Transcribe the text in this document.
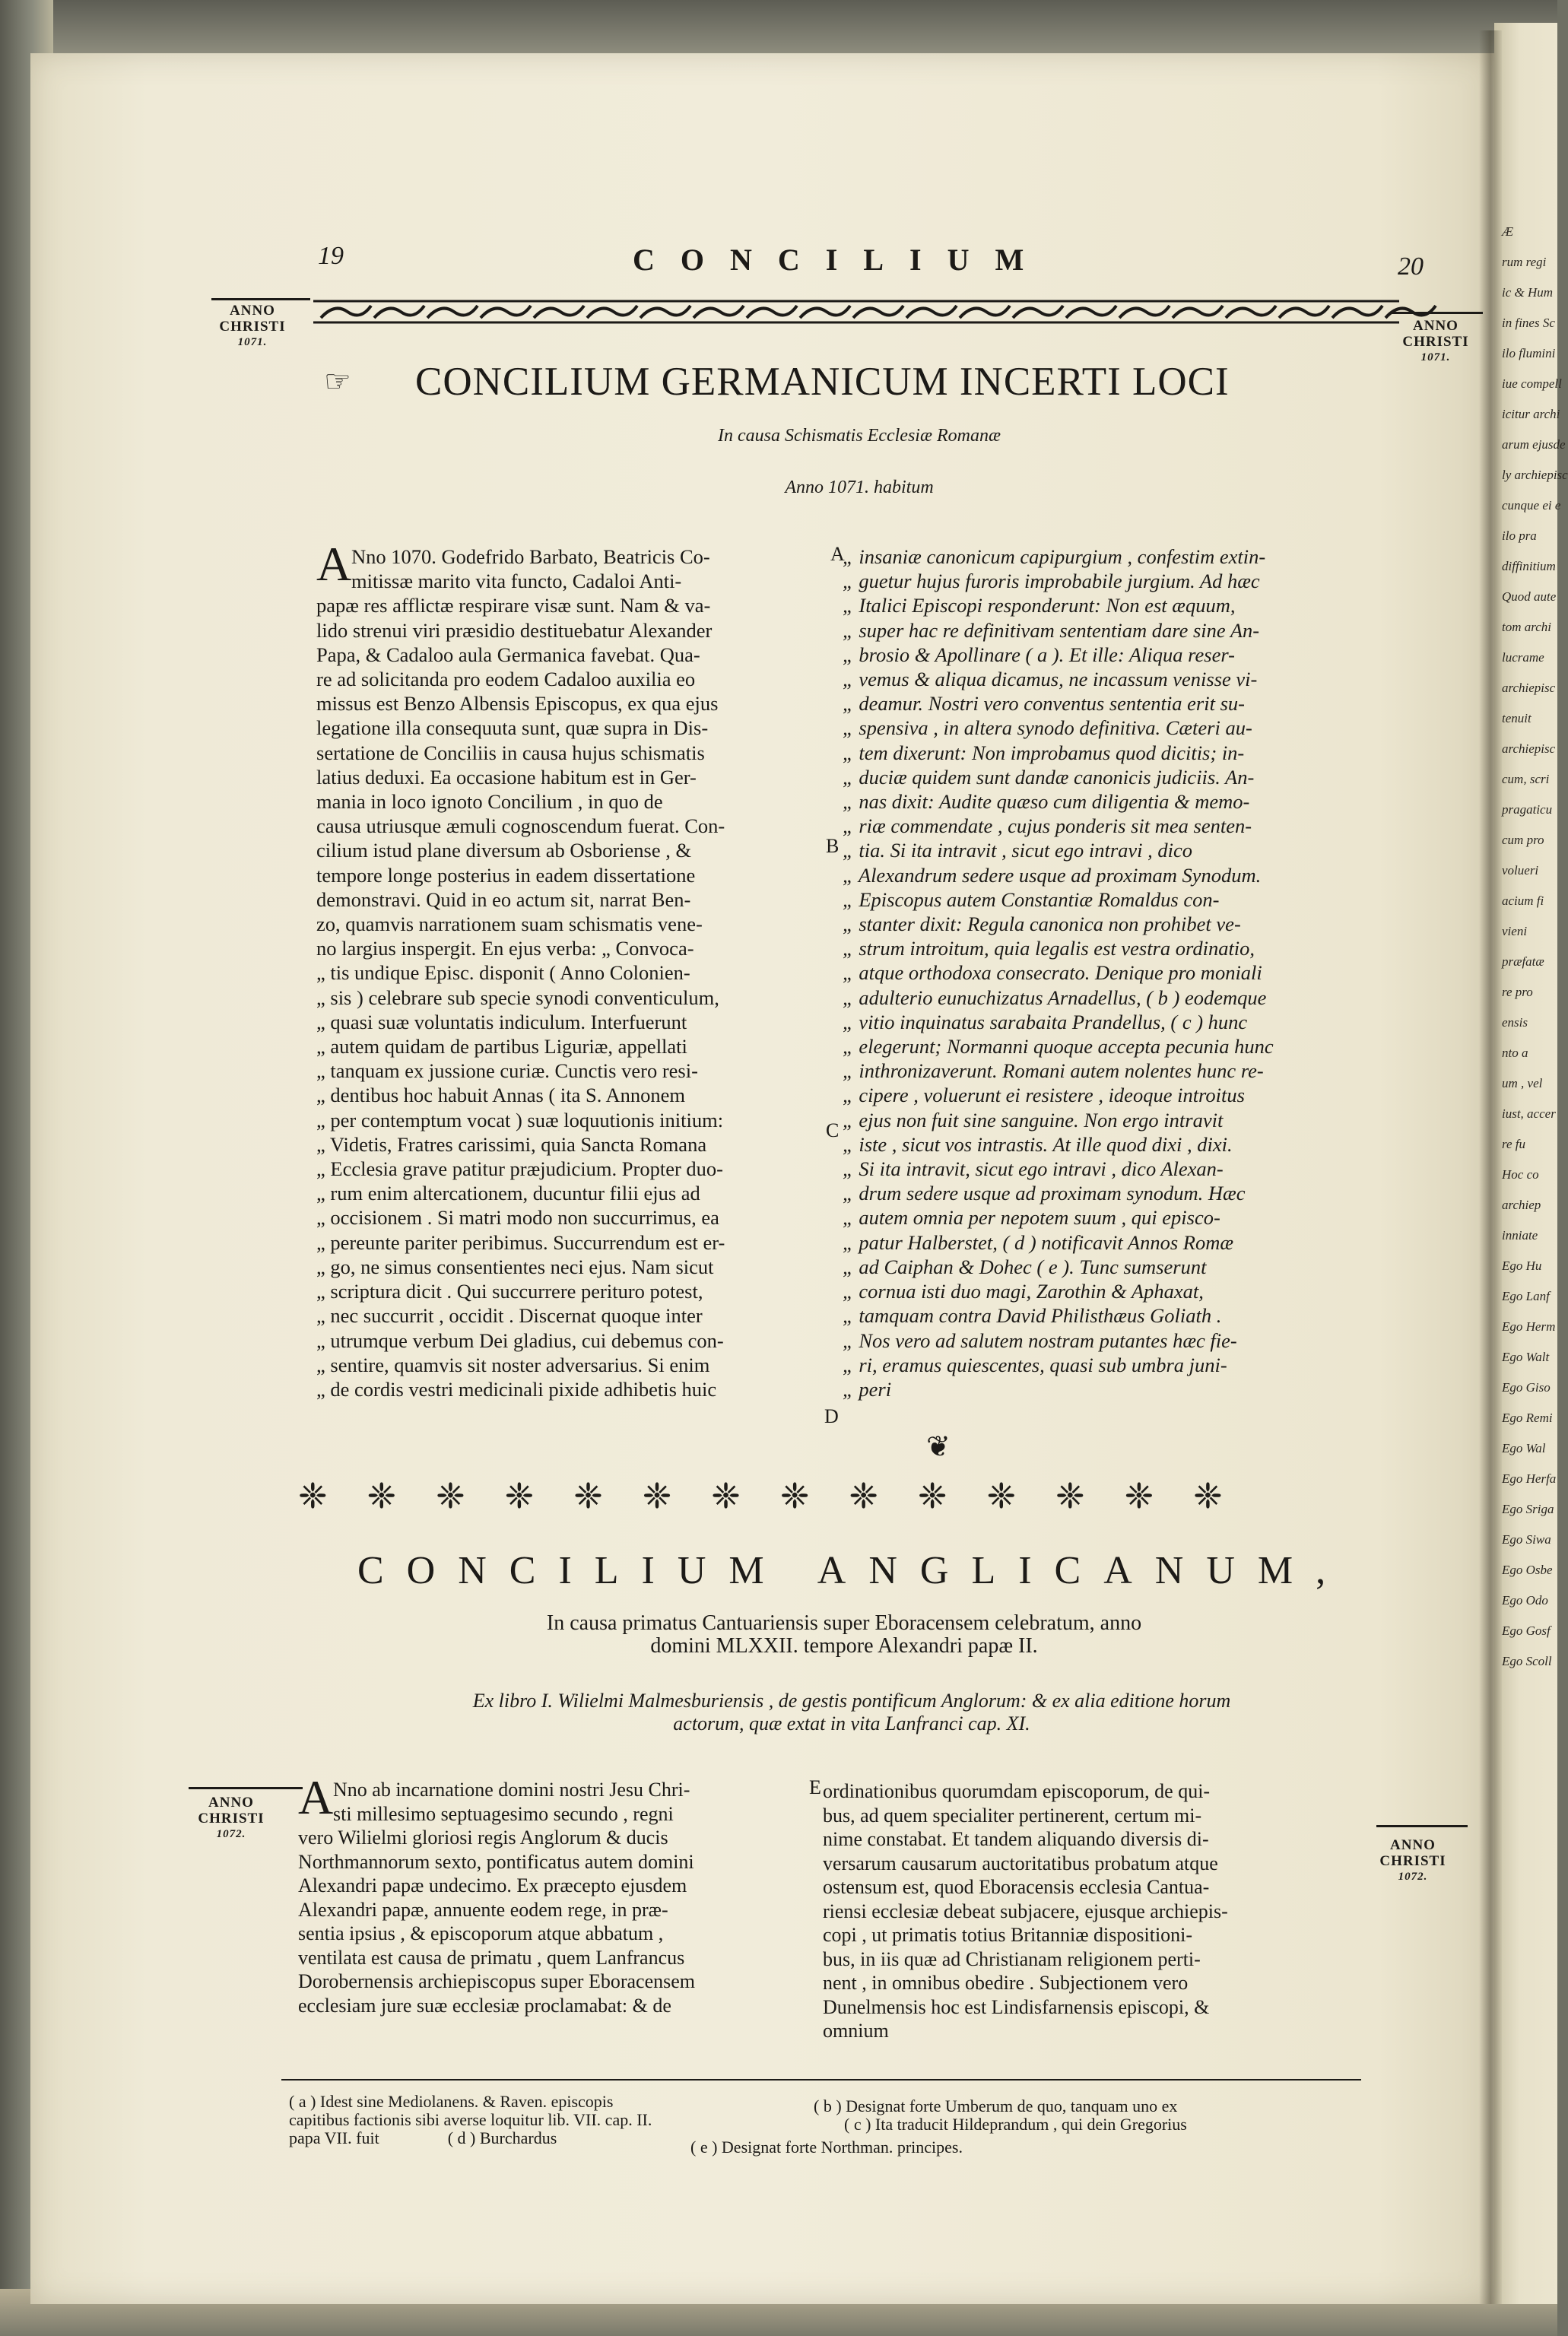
Æ
rum regi
ic & Hum
in fines Sc
ilo flumini
iue compell
icitur archi
arum ejusde
ly archiepisc
cunque ei e
ilo pra
diffinitium
Quod aute
tom archi
lucrame
archiepisc
tenuit
archiepisc
cum, scri
pragaticu
cum pro
volueri
acium fi
vieni
præfatæ
re pro
ensis
nto a
um , vel
iust, accer
re fu
Hoc co
archiep
inniate
Ego Hu
Ego Lanf
Ego Herm
Ego Walt
Ego Giso
Ego Remi
Ego Wal
Ego Herfa
Ego Sriga
Ego Siwa
Ego Osbe
Ego Odo
Ego Gosf
Ego Scoll
19	CONCILIUM	20
ANNO
CHRISTI
1071.
ANNO
CHRISTI
1071.
☞ CONCILIUM GERMANICUM INCERTI LOCI
In causa Schismatis Ecclesiæ Romanæ
Anno 1071. habitum
A Nno 1070. Godefrido Barbato, Beatricis Co-
mitissæ marito vita functo, Cadaloi Anti-
papæ res afflictæ respirare visæ sunt. Nam & va-
lido strenui viri præsidio destituebatur Alexander
Papa, & Cadaloo aula Germanica favebat. Qua-
re ad solicitanda pro eodem Cadaloo auxilia eo
missus est Benzo Albensis Episcopus, ex qua ejus
legatione illa consequuta sunt, quæ supra in Dis-
sertatione de Conciliis in causa hujus schismatis
latius deduxi. Ea occasione habitum est in Ger-
mania in loco ignoto Concilium , in quo de
causa utriusque æmuli cognoscendum fuerat. Con-
cilium istud plane diversum ab Osboriense , &
tempore longe posterius in eadem dissertatione
demonstravi. Quid in eo actum sit, narrat Ben-
zo, quamvis narrationem suam schismatis vene-
no largius inspergit. En ejus verba: „ Convoca-
„ tis undique Episc. disponit ( Anno Colonien-
„ sis ) celebrare sub specie synodi conventiculum,
„ quasi suæ voluntatis indiculum. Interfuerunt
„ autem quidam de partibus Liguriæ, appellati
„ tanquam ex jussione curiæ. Cunctis vero resi-
„ dentibus hoc habuit Annas ( ita S. Annonem
„ per contemptum vocat ) suæ loquutionis initium:
„ Videtis, Fratres carissimi, quia Sancta Romana
„ Ecclesia grave patitur præjudicium. Propter duo-
„ rum enim altercationem, ducuntur filii ejus ad
„ occisionem . Si matri modo non succurrimus, ea
„ pereunte pariter peribimus. Succurrendum est er-
„ go, ne simus consentientes neci ejus. Nam sicut
„ scriptura dicit . Qui succurrere perituro potest,
„ nec succurrit , occidit . Discernat quoque inter
„ utrumque verbum Dei gladius, cui debemus con-
„ sentire, quamvis sit noster adversarius. Si enim
„ de cordis vestri medicinali pixide adhibetis huic
„ insaniæ canonicum capipurgium , confestim extin-
„ guetur hujus furoris improbabile jurgium. Ad hæc
„ Italici Episcopi responderunt: Non est æquum,
„ super hac re definitivam sententiam dare sine An-
„ brosio & Apollinare ( a ). Et ille: Aliqua reser-
„ vemus & aliqua dicamus, ne incassum venisse vi-
„ deamur. Nostri vero conventus sententia erit su-
„ spensiva , in altera synodo definitiva. Cæteri au-
„ tem dixerunt: Non improbamus quod dicitis; in-
„ duciæ quidem sunt dandæ canonicis judiciis. An-
„ nas dixit: Audite quæso cum diligentia & memo-
„ riæ commendate , cujus ponderis sit mea senten-
„ tia. Si ita intravit , sicut ego intravi , dico
„ Alexandrum sedere usque ad proximam Synodum.
„ Episcopus autem Constantiæ Romaldus con-
„ stanter dixit: Regula canonica non prohibet ve-
„ strum introitum, quia legalis est vestra ordinatio,
„ atque orthodoxa consecrato. Denique pro moniali
„ adulterio eunuchizatus Arnadellus, ( b ) eodemque
„ vitio inquinatus sarabaita Prandellus, ( c ) hunc
„ elegerunt; Normanni quoque accepta pecunia hunc
„ inthronizaverunt. Romani autem nolentes hunc re-
„ cipere , voluerunt ei resistere , ideoque introitus
„ ejus non fuit sine sanguine. Non ergo intravit
„ iste , sicut vos intrastis. At ille quod dixi , dixi.
„ Si ita intravit, sicut ego intravi , dico Alexan-
„ drum sedere usque ad proximam synodum. Hæc
„ autem omnia per nepotem suum , qui episco-
„ patur Halberstet, ( d ) notificavit Annos Romæ
„ ad Caiphan & Dohec ( e ). Tunc sumserunt
„ cornua isti duo magi, Zarothin & Aphaxat,
„ tamquam contra David Philisthæus Goliath .
„ Nos vero ad salutem nostram putantes hæc fie-
„ ri, eramus quiescentes, quasi sub umbra juni-
„ peri
A
B
C
D
❦
❈ ❈ ❈ ❈ ❈ ❈ ❈ ❈ ❈ ❈ ❈ ❈ ❈ ❈
CONCILIUM ANGLICANUM,
In causa primatus Cantuariensis super Eboracensem celebratum, anno
domini MLXXII. tempore Alexandri papæ II.
Ex libro I. Wilielmi Malmesburiensis , de gestis pontificum Anglorum: & ex alia editione horum
actorum, quæ extat in vita Lanfranci cap. XI.
ANNO
CHRISTI
1072.
ANNO
CHRISTI
1072.
A Nno ab incarnatione domini nostri Jesu Chri-
sti millesimo septuagesimo secundo , regni
vero Wilielmi gloriosi regis Anglorum & ducis
Northmannorum sexto, pontificatus autem domini
Alexandri papæ undecimo. Ex præcepto ejusdem
Alexandri papæ, annuente eodem rege, in præ-
sentia ipsius , & episcoporum atque abbatum ,
ventilata est causa de primatu , quem Lanfrancus
Dorobernensis archiepiscopus super Eboracensem
ecclesiam jure suæ ecclesiæ proclamabat: & de
E ordinationibus quorumdam episcoporum, de qui-
bus, ad quem specialiter pertinerent, certum mi-
nime constabat. Et tandem aliquando diversis di-
versarum causarum auctoritatibus probatum atque
ostensum est, quod Eboracensis ecclesia Cantua-
riensi ecclesiæ debeat subjacere, ejusque archiepis-
copi , ut primatis totius Britanniæ dispositioni-
bus, in iis quæ ad Christianam religionem perti-
nent , in omnibus obedire . Subjectionem vero
Dunelmensis hoc est Lindisfarnensis episcopi, &
omnium
( a ) Idest sine Mediolanens. & Raven. episcopis
capitibus factionis sibi averse loquitur lib. VII. cap. II.
papa VII. fuit	( d ) Burchardus
( b ) Designat forte Umberum de quo, tanquam uno ex
( c ) Ita traducit Hildeprandum , qui dein Gregorius
( e ) Designat forte Northman. principes.
